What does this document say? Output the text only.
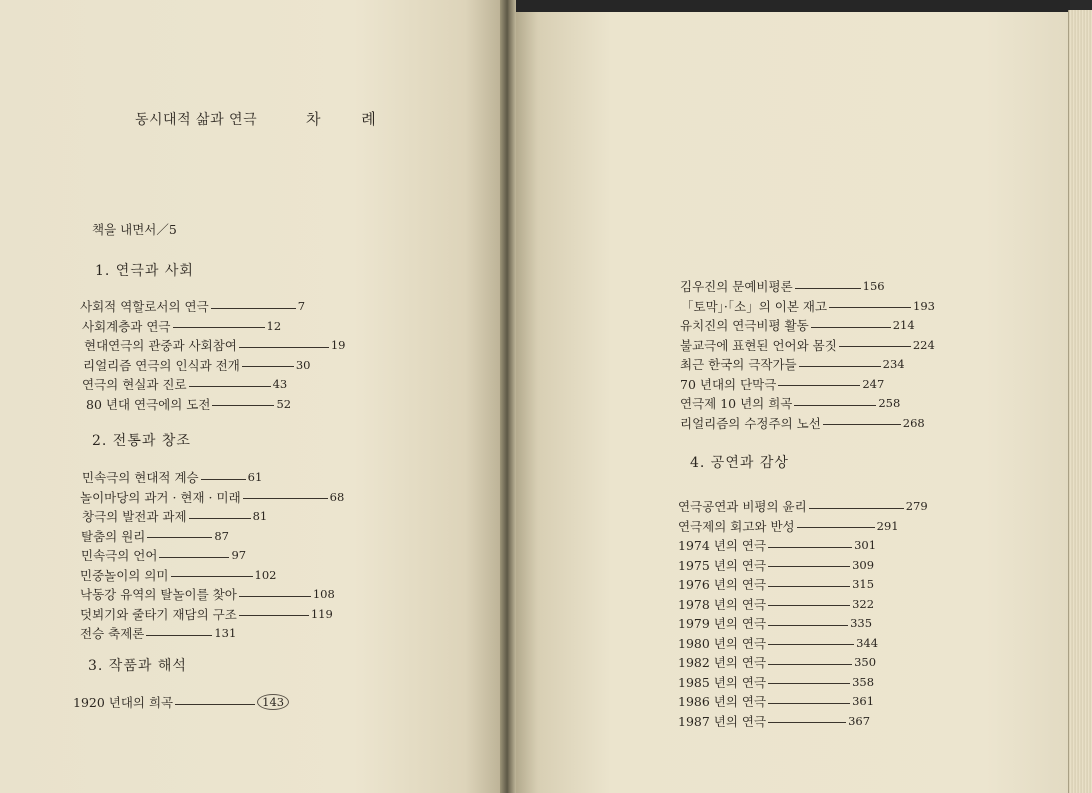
동시대적 삶과 연극	차 례
책을 내면서／5
1. 연극과 사회
사회적 역할로서의 연극	7
사회계층과 연극	12
현대연극의 관중과 사회참여	19
리얼리즘 연극의 인식과 전개	30
연극의 현실과 진로	43
80 년대 연극에의 도전	52
2. 전통과 창조
민속극의 현대적 계승	61
놀이마당의 과거 · 현재 · 미래	68
창극의 발전과 과제	81
탈춤의 원리	87
민속극의 언어	97
민중놀이의 의미	102
낙동강 유역의 탈놀이를 찾아	108
덧뵈기와 줄타기 재담의 구조	119
전승 축제론	131
3. 작품과 해석
1920 년대의 희곡	143
김우진의 문예비평론	156
「토막」·「소」의 이본 재고	193
유치진의 연극비평 활동	214
불교극에 표현된 언어와 몸짓	224
최근 한국의 극작가들	234
70 년대의 단막극	247
연극제 10 년의 희곡	258
리얼리즘의 수정주의 노선	268
4. 공연과 감상
연극공연과 비평의 윤리	279
연극제의 회고와 반성	291
1974 년의 연극	301
1975 년의 연극	309
1976 년의 연극	315
1978 년의 연극	322
1979 년의 연극	335
1980 년의 연극	344
1982 년의 연극	350
1985 년의 연극	358
1986 년의 연극	361
1987 년의 연극	367
